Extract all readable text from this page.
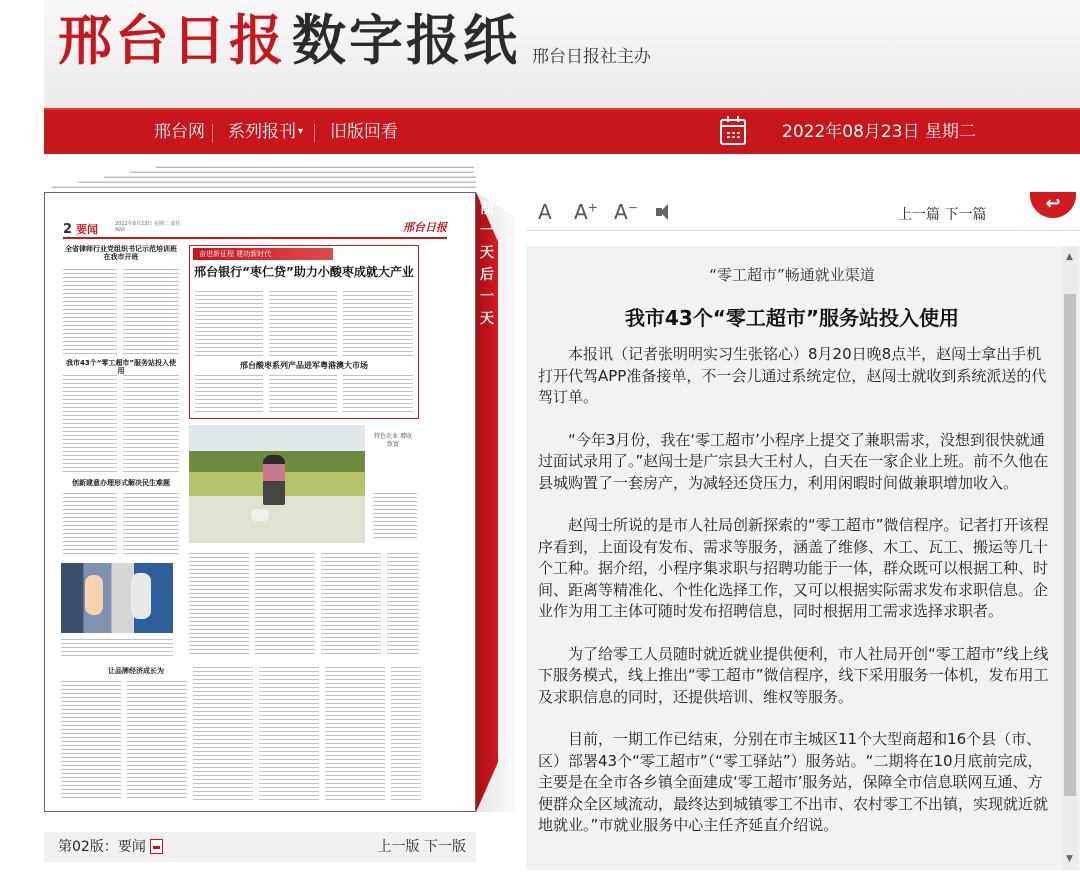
邢台日报 数字报纸 邢台日报社主办
邢台网	系列报刊 ▾	旧版回看	2022年08月23日 星期二
2 要闻	2022年8月23日 星期二 责任编辑	邢台日报
全省律师行业党组织书记示范培训班在我市开班
我市43个“零工超市”服务站投入使用
创新建意办理形式解决民生难题
奋进新征程 建功新时代
邢台银行“枣仁贷”助力小酸枣成就大产业
邢台酸枣系列产品进军粤港澳大市场
特色农业 增收致富
让品牌经济成长为
前一天后一天
第02版：要闻	上一版 下一版
A A+ A−	上一篇 下一篇
↩
“零工超市”畅通就业渠道
我市43个“零工超市”服务站投入使用

本报讯（记者张明明实习生张铭心）8月20日晚8点半，赵闯士拿出手机打开代驾APP准备接单，不一会儿通过系统定位，赵闯士就收到系统派送的代驾订单。

“今年3月份，我在‘零工超市’小程序上提交了兼职需求，没想到很快就通过面试录用了。”赵闯士是广宗县大王村人，白天在一家企业上班。前不久他在县城购置了一套房产，为减轻还贷压力，利用闲暇时间做兼职增加收入。

赵闯士所说的是市人社局创新探索的“零工超市”微信程序。记者打开该程序看到，上面设有发布、需求等服务，涵盖了维修、木工、瓦工、搬运等几十个工种。据介绍，小程序集求职与招聘功能于一体，群众既可以根据工种、时间、距离等精准化、个性化选择工作，又可以根据实际需求发布求职信息。企业作为用工主体可随时发布招聘信息，同时根据用工需求选择求职者。

为了给零工人员随时就近就业提供便利，市人社局开创“零工超市”线上线下服务模式，线上推出“零工超市”微信程序，线下采用服务一体机，发布用工及求职信息的同时，还提供培训、维权等服务。

目前，一期工作已结束，分别在市主城区11个大型商超和16个县（市、区）部署43个“零工超市”（“零工驿站”）服务站。“二期将在10月底前完成，主要是在全市各乡镇全面建成‘零工超市’服务站，保障全市信息联网互通、方便群众全区域流动，最终达到城镇零工不出市、农村零工不出镇，实现就近就地就业。”市就业服务中心主任齐延直介绍说。

▲
▼
